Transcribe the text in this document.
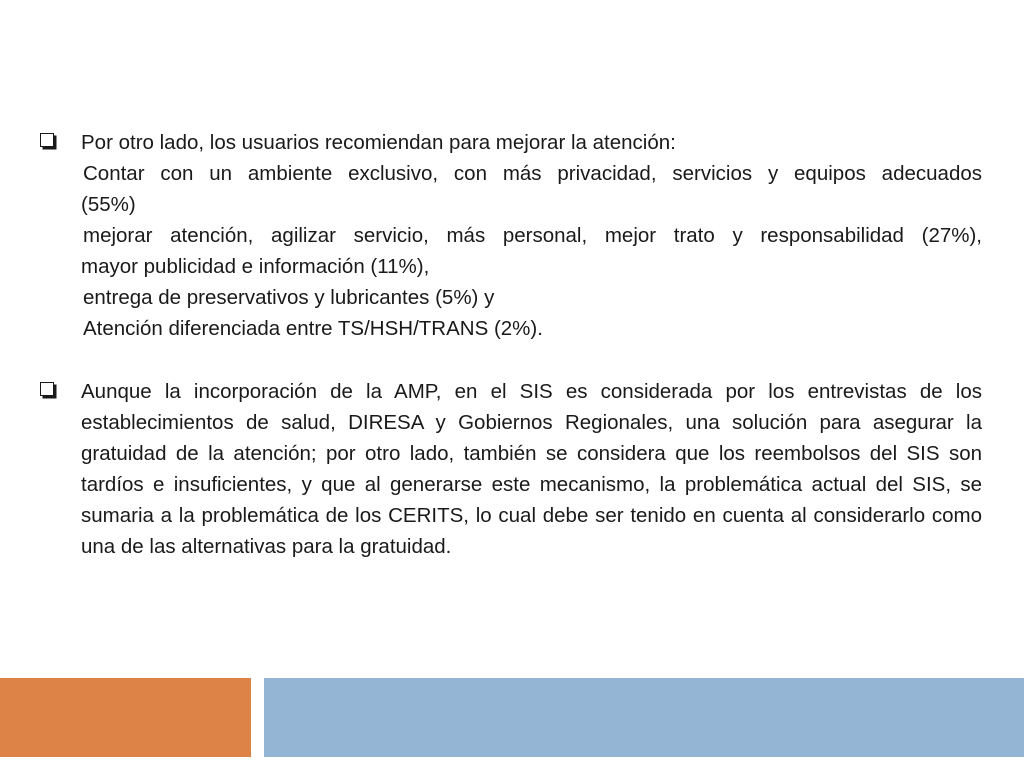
Por otro lado, los usuarios recomiendan para mejorar la atención:
Contar con un ambiente exclusivo, con más privacidad, servicios y equipos adecuados
(55%)
mejorar atención, agilizar servicio, más personal, mejor trato y responsabilidad (27%),
mayor publicidad e información (11%),
entrega de preservativos y lubricantes (5%) y
Atención diferenciada entre TS/HSH/TRANS (2%).
Aunque la incorporación de la AMP, en el SIS es considerada por los entrevistas de los establecimientos de salud, DIRESA y Gobiernos Regionales, una solución para asegurar la gratuidad de la atención; por otro lado, también se considera que los reembolsos del SIS son tardíos e insuficientes, y que al generarse este mecanismo, la problemática actual del SIS, se sumaria a la problemática de los CERITS, lo cual debe ser tenido en cuenta al considerarlo como una de las alternativas para la gratuidad.
